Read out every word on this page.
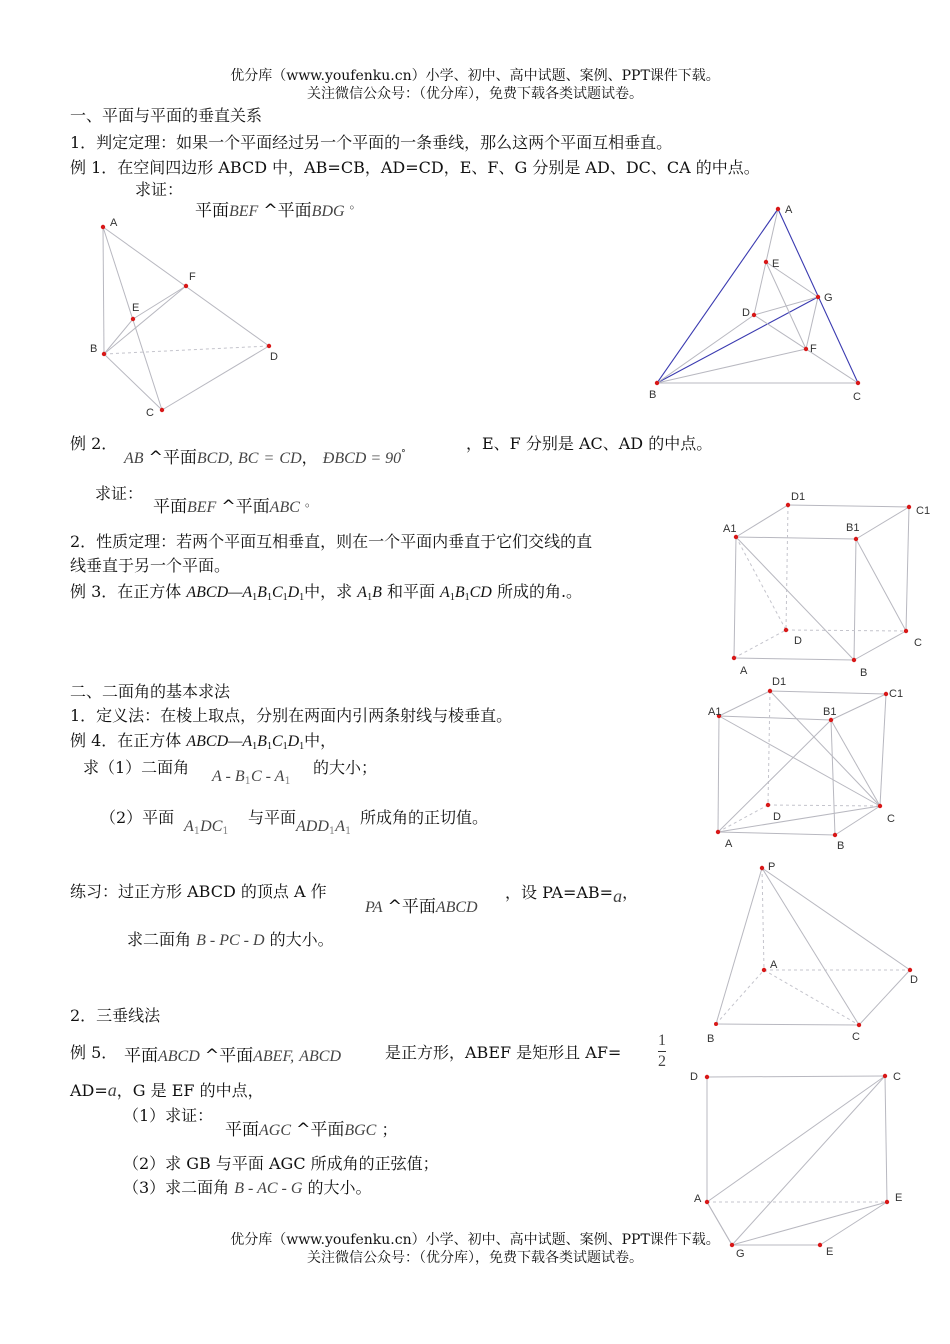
优分库（www.youfenku.cn）小学、初中、高中试题、案例、PPT课件下载。
关注微信公众号：（优分库），免费下载各类试题试卷。
一、平面与平面的垂直关系
1．判定定理：如果一个平面经过另一个平面的一条垂线，那么这两个平面互相垂直。
例 1．在空间四边形 ABCD 中，AB=CB，AD=CD，E、F、G 分别是 AD、DC、CA 的中点。
求证：
平面BEF ^平面BDG 。
A
F
E
B
D
C
A
E
G
D
F
B	C
例 2．
AB ^平面BCD, BC = CD， ÐBCD = 90°
，E、F 分别是 AC、AD 的中点。
求证：
平面BEF ^平面ABC 。
2．性质定理：若两个平面互相垂直，则在一个平面内垂直于它们交线的直
线垂直于另一个平面。
例 3．在正方体 $ABCD—A_1B_1C_1D_1$中，求 $A_1B$ 和平面 $A_1B_1CD$ 所成的角.。
A1
D1
C1
B1
D	C
A	B
二、二面角的基本求法
1．定义法：在棱上取点，分别在两面内引两条射线与棱垂直。
例 4．在正方体 $ABCD—A_1B_1C_1D_1$中，
求（1）二面角 A - $B_1C - A_1$
的大小；
（2）平面 $A_1DC_1$
与平面 $ADD_1A_1$
所成角的正切值。
A1
D1
C1
B1
D	C
A	B
练习：过正方形 ABCD 的顶点 A 作
PA ^平面ABCD
，设 PA=AB=a，
求二面角 B - PC - D 的大小。
P
A
D
B	C
2．三垂线法
例 5． 平面ABCD ^平面ABEF, ABCD	是正方形，ABEF 是矩形且 $AF= \frac{1}{2}$
AD=a，G 是 EF 的中点，
（1）求证：
平面AGC ^平面BGC ；
（2）求 GB 与平面 AGC 所成角的正弦值；
（3）求二面角 B - AC - G 的大小。
D	C
A	E
G	E
优分库（www.youfenku.cn）小学、初中、高中试题、案例、PPT课件下载。
关注微信公众号：（优分库），免费下载各类试题试卷。
